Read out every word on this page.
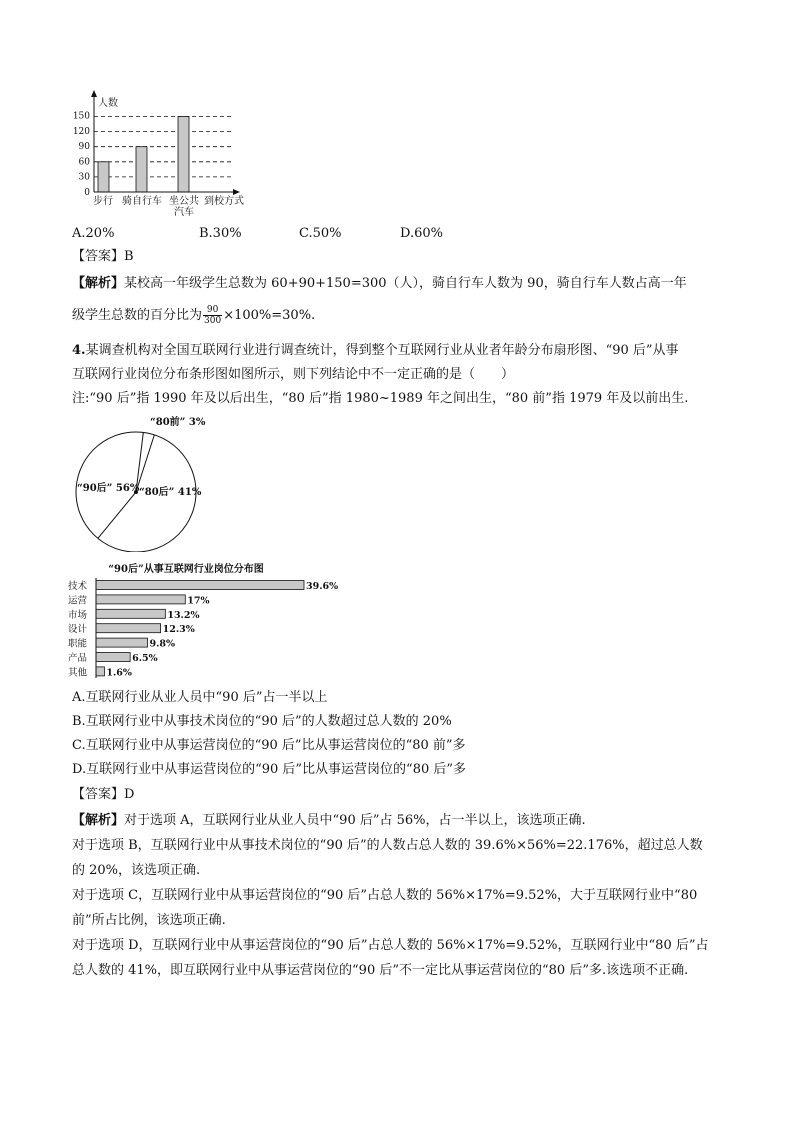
人数
0
30
60
90
120
150
步行 骑自行车 坐公共
汽车
到校方式
A.20%	B.30%	C.50%	D.60%
【答案】B
【解析】某校高一年级学生总数为 60+90+150=300（人），骑自行车人数为 90，骑自行车人数占高一年
级学生总数的百分比为 $\frac{90}{300} \times 100\%=30\%$.
4.某调查机构对全国互联网行业进行调查统计，得到整个互联网行业从业者年龄分布扇形图、“90 后”从事
互联网行业岗位分布条形图如图所示，则下列结论中不一定正确的是（　　）
注:“90 后”指 1990 年及以后出生，“80 后”指 1980~1989 年之间出生，“80 前”指 1979 年及以前出生.
“80前” 3%
“90后” 56% “80后” 41%
“90后”从事互联网行业岗位分布图
技术	39.6%
运营	17%
市场	13.2%
设计	12.3%
职能	9.8%
产品	6.5%
其他 1.6%
A.互联网行业从业人员中“90 后”占一半以上
B.互联网行业中从事技术岗位的“90 后”的人数超过总人数的 20%
C.互联网行业中从事运营岗位的“90 后”比从事运营岗位的“80 前”多
D.互联网行业中从事运营岗位的“90 后”比从事运营岗位的“80 后”多
【答案】D
【解析】对于选项 A，互联网行业从业人员中“90 后”占 56%，占一半以上，该选项正确.
对于选项 B，互联网行业中从事技术岗位的“90 后”的人数占总人数的 39.6%×56%=22.176%，超过总人数
的 20%，该选项正确.
对于选项 C，互联网行业中从事运营岗位的“90 后”占总人数的 56%×17%=9.52%，大于互联网行业中“80
前”所占比例，该选项正确.
对于选项 D，互联网行业中从事运营岗位的“90 后”占总人数的 56%×17%=9.52%，互联网行业中“80 后”占
总人数的 41%，即互联网行业中从事运营岗位的“90 后”不一定比从事运营岗位的“80 后”多.该选项不正确.
